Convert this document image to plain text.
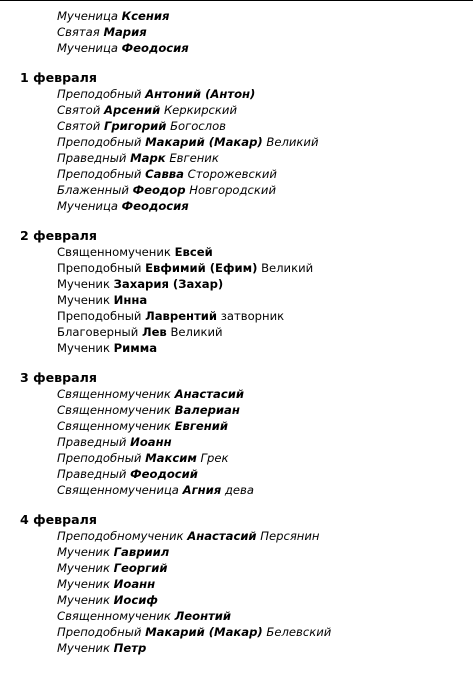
Мученица Ксения
Святая Мария
Мученица Феодосия
1 февраля
Преподобный Антоний (Антон)
Святой Арсений Керкирский
Святой Григорий Богослов
Преподобный Макарий (Макар) Великий
Праведный Марк Евгеник
Преподобный Савва Сторожевский
Блаженный Феодор Новгородский
Мученица Феодосия
2 февраля
Священномученик Евсей
Преподобный Евфимий (Ефим) Великий
Мученик Захария (Захар)
Мученик Инна
Преподобный Лаврентий затворник
Благоверный Лев Великий
Мученик Римма
3 февраля
Священномученик Анастасий
Священномученик Валериан
Священномученик Евгений
Праведный Иоанн
Преподобный Максим Грек
Праведный Феодосий
Священномученица Агния дева
4 февраля
Преподобномученик Анастасий Персянин
Мученик Гавриил
Мученик Георгий
Мученик Иоанн
Мученик Иосиф
Священномученик Леонтий
Преподобный Макарий (Макар) Белевский
Мученик Петр
